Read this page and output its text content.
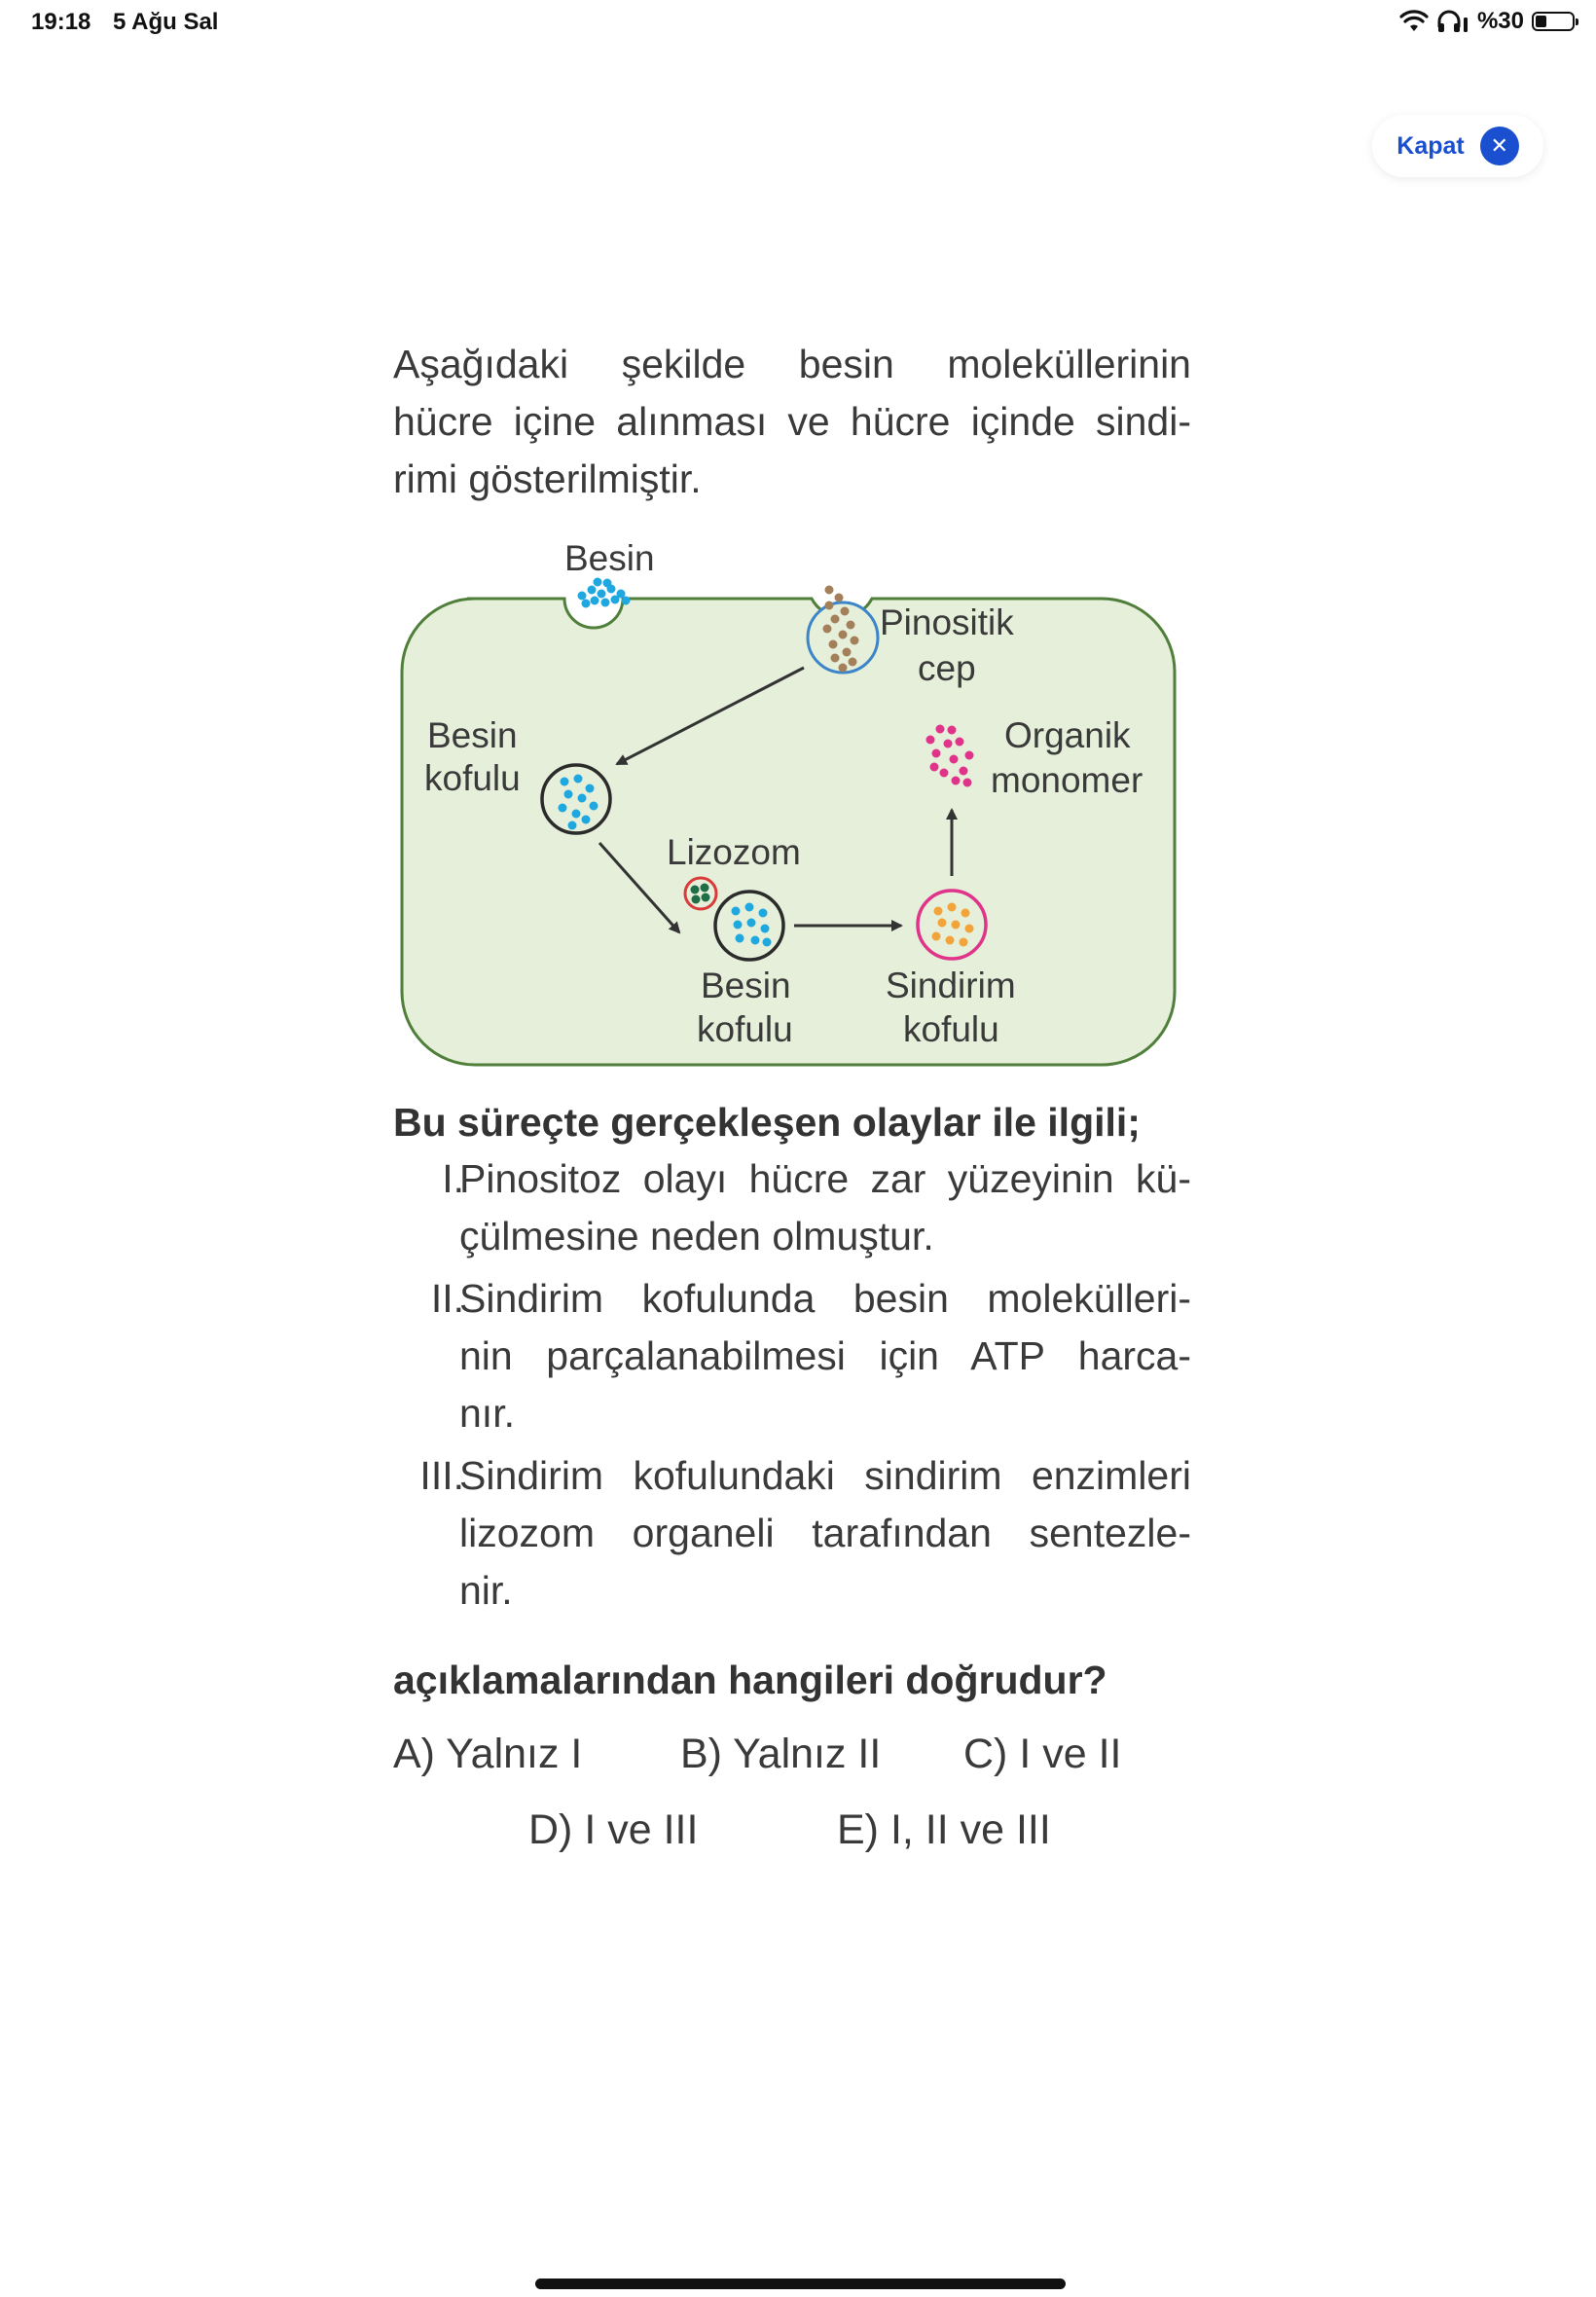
19:18 5 Ağu Sal	%30
Kapat	✕
Aşağıdaki şekilde besin moleküllerinin
hücre içine alınması ve hücre içinde sindi-
rimi gösterilmiştir.
Besin
Pinositik
cep
Besin
kofulu
Lizozom
Besin
kofulu
Sindirim
kofulu
Organik
monomer
Bu süreçte gerçekleşen olaylar ile ilgili;
I.
Pinositoz olayı hücre zar yüzeyinin kü-
çülmesine neden olmuştur.
II.
Sindirim kofulunda besin molekülleri-
nin parçalanabilmesi için ATP harca-
nır.
III.
Sindirim kofulundaki sindirim enzimleri
lizozom organeli tarafından sentezle-
nir.
açıklamalarından hangileri doğrudur?
A) Yalnız I B) Yalnız II C) I ve II
D) I ve III	E) I, II ve III
